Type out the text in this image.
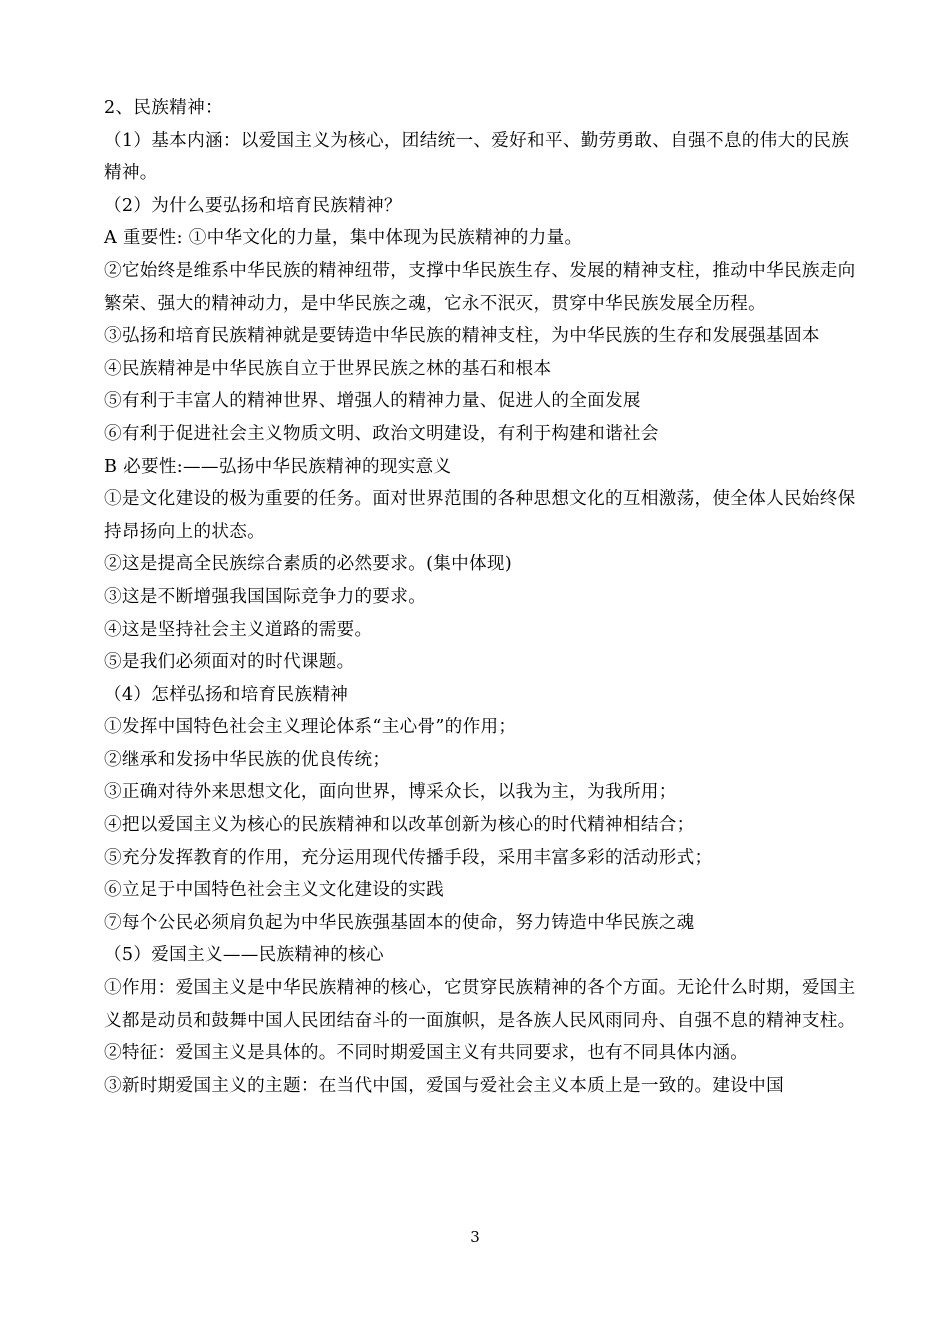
2、民族精神：

（1）基本内涵：以爱国主义为核心，团结统一、爱好和平、勤劳勇敢、自强不息的伟大的民族精神。

（2）为什么要弘扬和培育民族精神？

A 重要性: ①中华文化的力量，集中体现为民族精神的力量。

②它始终是维系中华民族的精神纽带，支撑中华民族生存、发展的精神支柱，推动中华民族走向繁荣、强大的精神动力，是中华民族之魂，它永不泯灭，贯穿中华民族发展全历程。

③弘扬和培育民族精神就是要铸造中华民族的精神支柱，为中华民族的生存和发展强基固本

④民族精神是中华民族自立于世界民族之林的基石和根本

⑤有利于丰富人的精神世界、增强人的精神力量、促进人的全面发展

⑥有利于促进社会主义物质文明、政治文明建设，有利于构建和谐社会

B 必要性:——弘扬中华民族精神的现实意义

①是文化建设的极为重要的任务。面对世界范围的各种思想文化的互相激荡，使全体人民始终保持昂扬向上的状态。

②这是提高全民族综合素质的必然要求。(集中体现)

③这是不断增强我国国际竞争力的要求。

④这是坚持社会主义道路的需要。

⑤是我们必须面对的时代课题。

（4）怎样弘扬和培育民族精神

①发挥中国特色社会主义理论体系“主心骨”的作用；

②继承和发扬中华民族的优良传统；

③正确对待外来思想文化，面向世界，博采众长，以我为主，为我所用；

④把以爱国主义为核心的民族精神和以改革创新为核心的时代精神相结合；

⑤充分发挥教育的作用，充分运用现代传播手段，采用丰富多彩的活动形式；

⑥立足于中国特色社会主义文化建设的实践

⑦每个公民必须肩负起为中华民族强基固本的使命，努力铸造中华民族之魂

（5）爱国主义——民族精神的核心

①作用：爱国主义是中华民族精神的核心，它贯穿民族精神的各个方面。无论什么时期，爱国主义都是动员和鼓舞中国人民团结奋斗的一面旗帜，是各族人民风雨同舟、自强不息的精神支柱。

②特征：爱国主义是具体的。不同时期爱国主义有共同要求，也有不同具体内涵。

③新时期爱国主义的主题：在当代中国，爱国与爱社会主义本质上是一致的。建设中国

3
